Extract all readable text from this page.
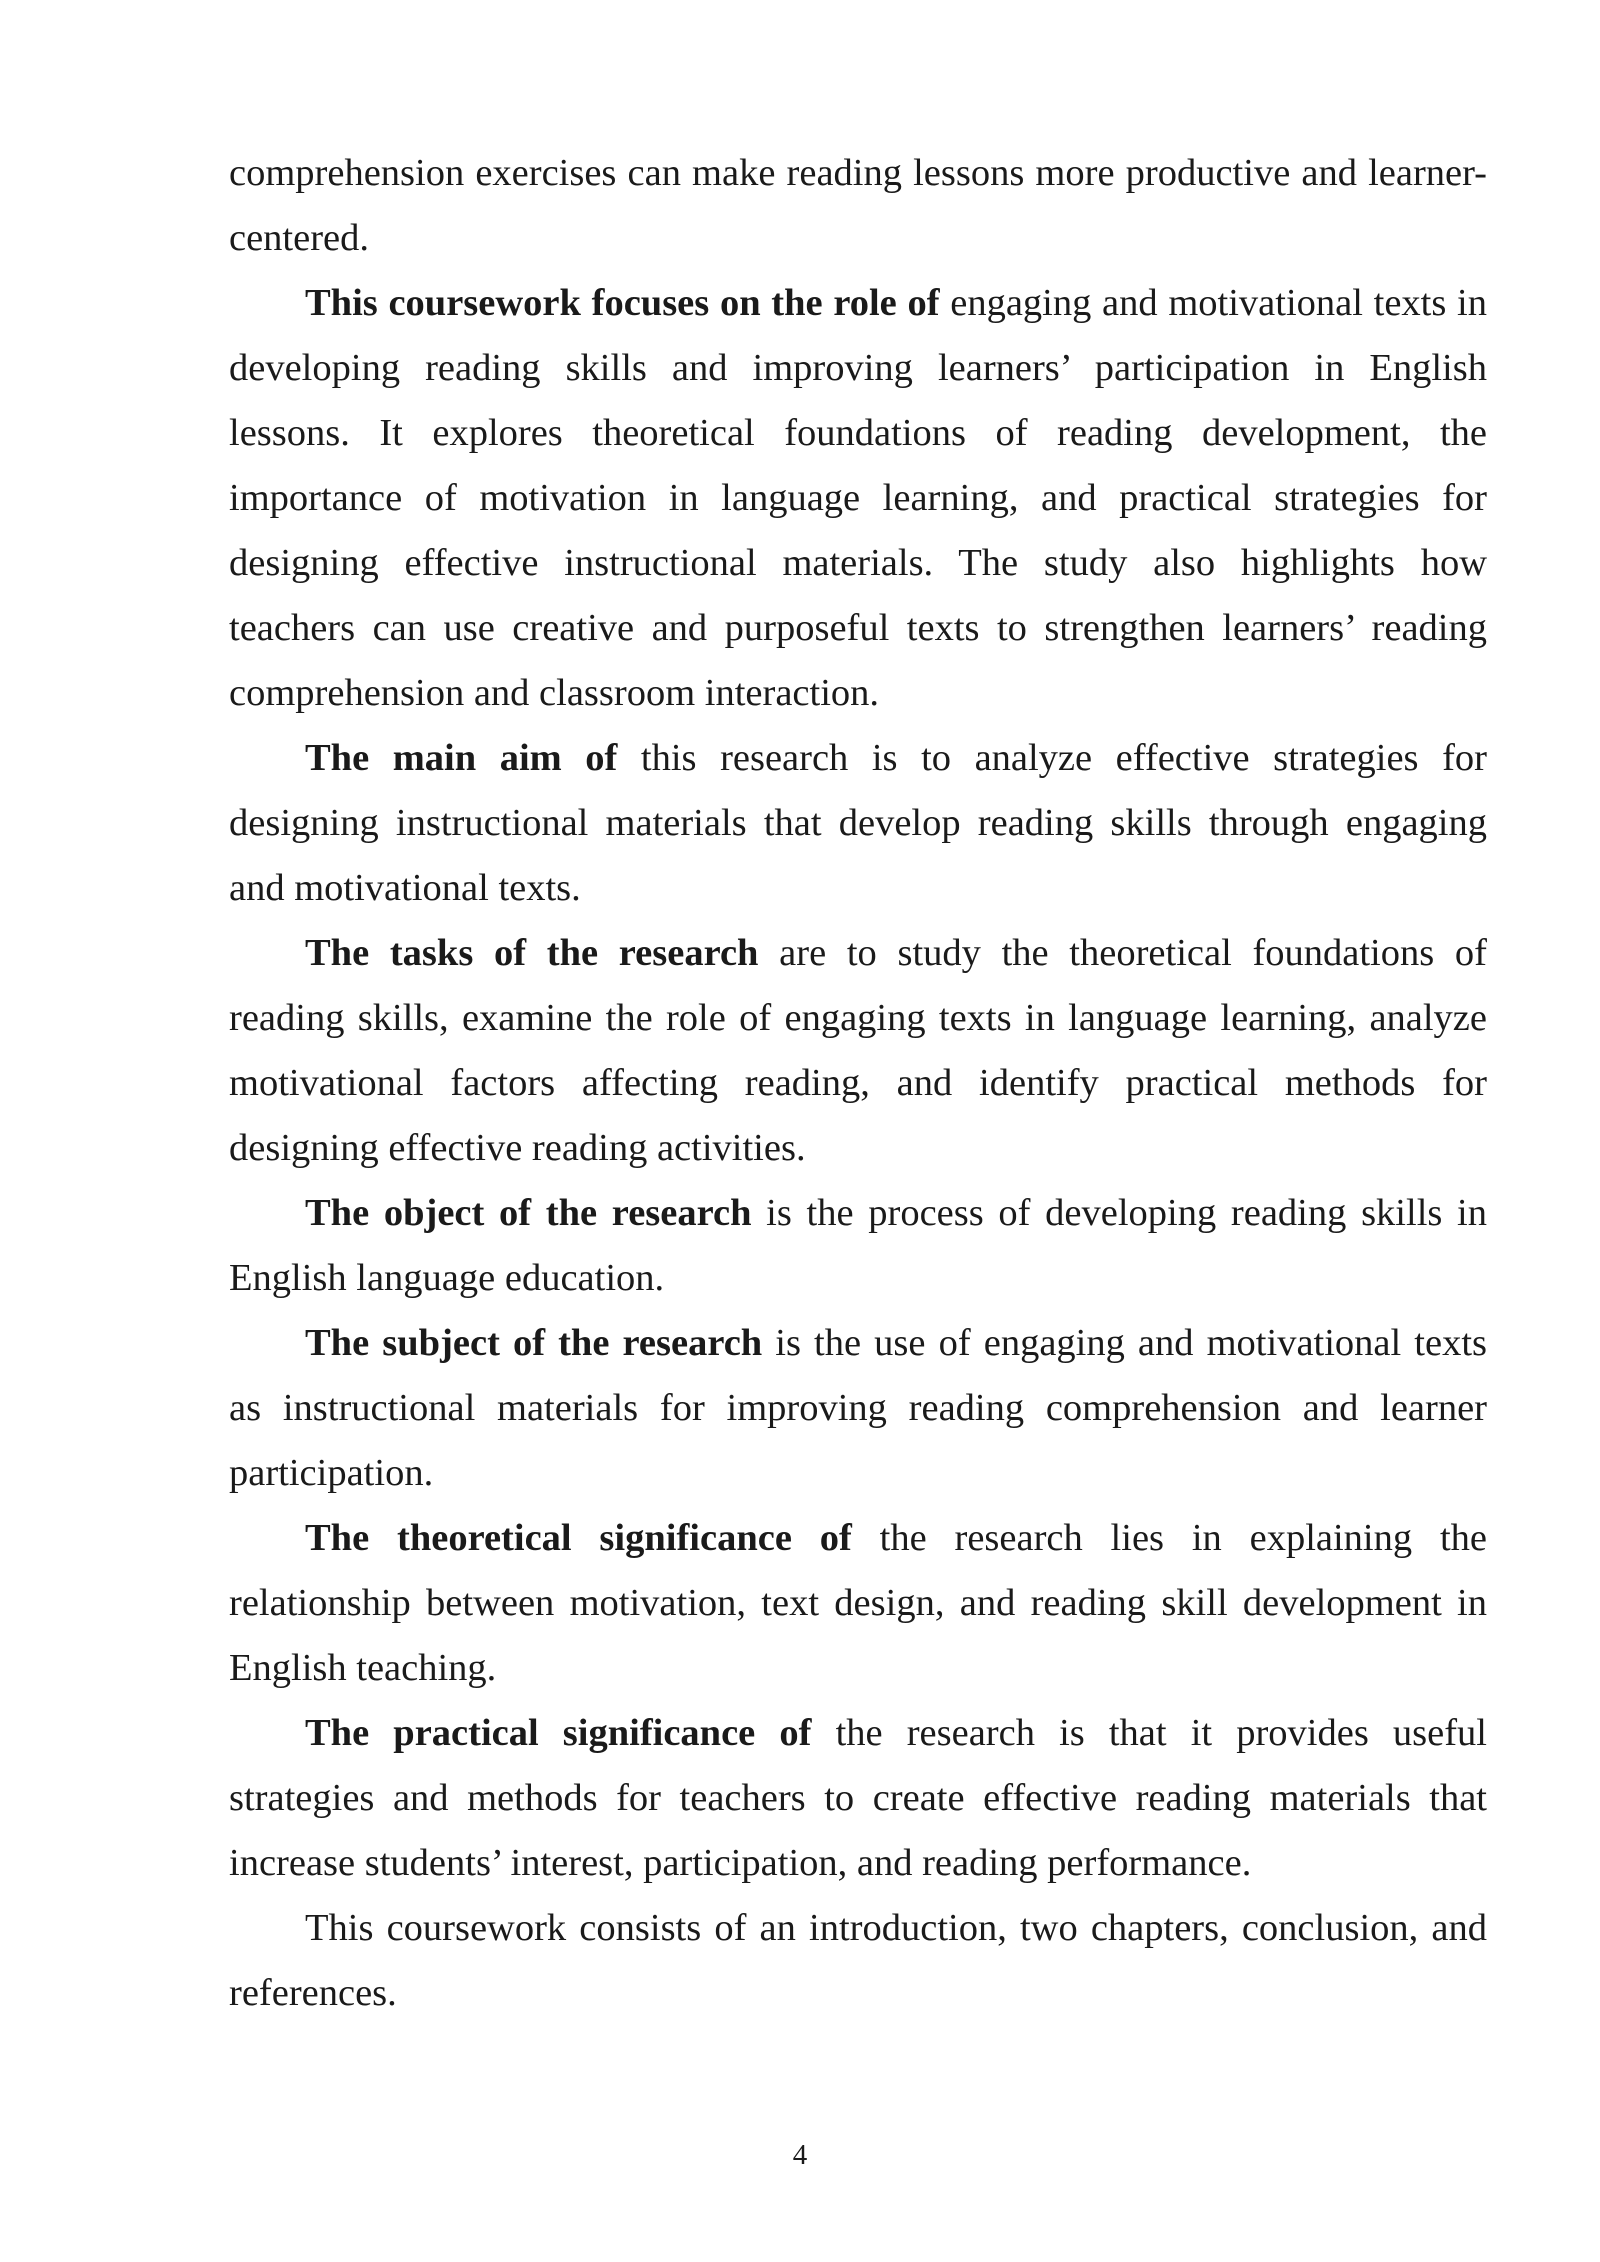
comprehension exercises can make reading lessons more productive and learner-centered.

This coursework focuses on the role of engaging and motivational texts in developing reading skills and improving learners’ participation in English lessons. It explores theoretical foundations of reading development, the importance of motivation in language learning, and practical strategies for designing effective instructional materials. The study also highlights how teachers can use creative and purposeful texts to strengthen learners’ reading comprehension and classroom interaction.

The main aim of this research is to analyze effective strategies for designing instructional materials that develop reading skills through engaging and motivational texts.

The tasks of the research are to study the theoretical foundations of reading skills, examine the role of engaging texts in language learning, analyze motivational factors affecting reading, and identify practical methods for designing effective reading activities.

The object of the research is the process of developing reading skills in English language education.

The subject of the research is the use of engaging and motivational texts as instructional materials for improving reading comprehension and learner participation.

The theoretical significance of the research lies in explaining the relationship between motivation, text design, and reading skill development in English teaching.

The practical significance of the research is that it provides useful strategies and methods for teachers to create effective reading materials that increase students’ interest, participation, and reading performance.

This coursework consists of an introduction, two chapters, conclusion, and references.

4
